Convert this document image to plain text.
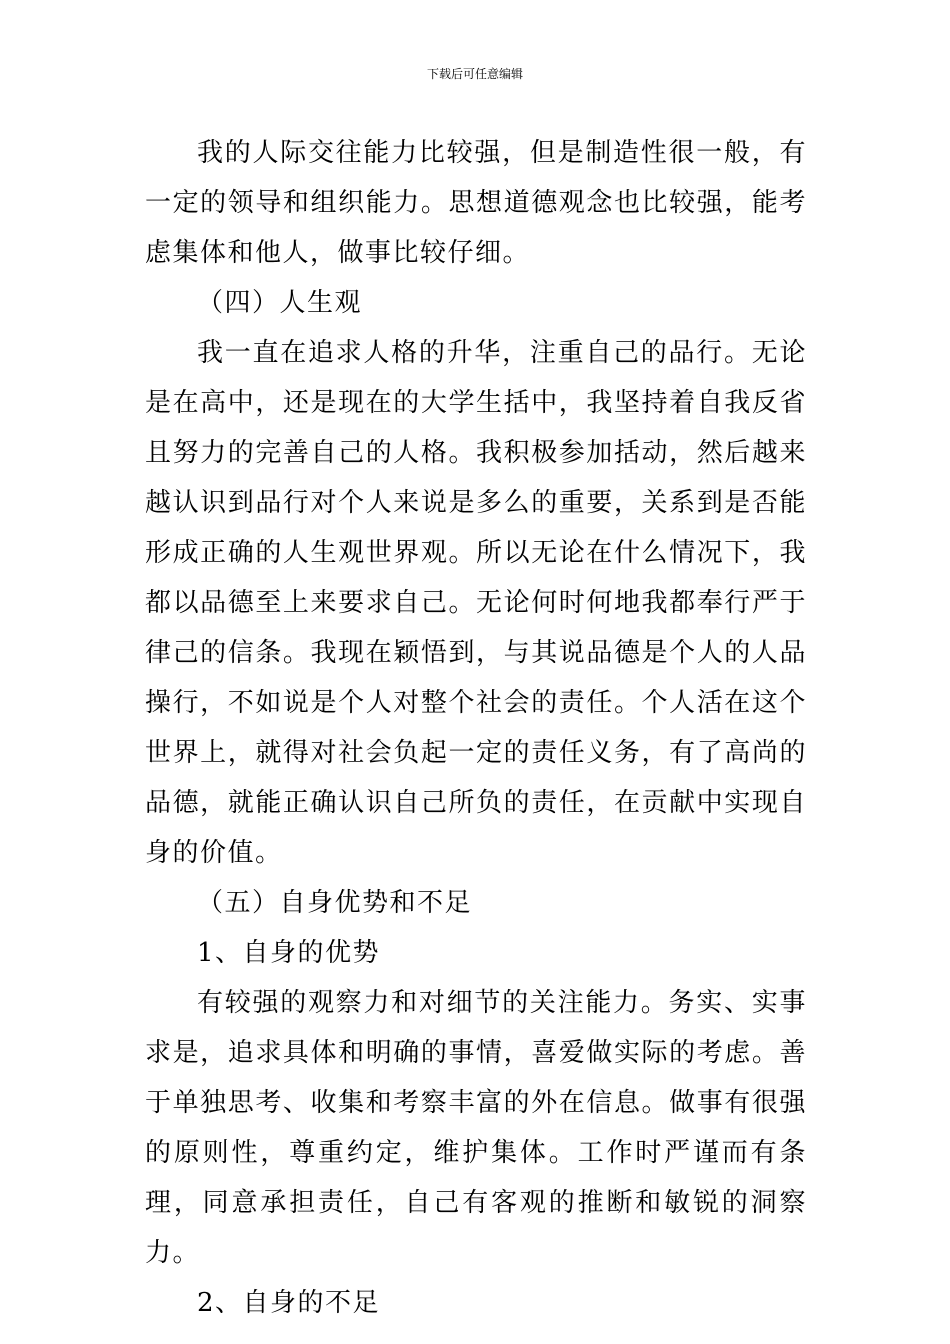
下载后可任意编辑

我的人际交往能力比较强，但是制造性很一般，有一定的领导和组织能力。思想道德观念也比较强，能考虑集体和他人，做事比较仔细。

（四）人生观

我一直在追求人格的升华，注重自己的品行。无论是在高中，还是现在的大学生括中，我坚持着自我反省且努力的完善自己的人格。我积极参加括动，然后越来越认识到品行对个人来说是多么的重要，关系到是否能形成正确的人生观世界观。所以无论在什么情况下，我都以品德至上来要求自己。无论何时何地我都奉行严于律己的信条。我现在颖悟到，与其说品德是个人的人品操行，不如说是个人对整个社会的责任。个人活在这个世界上，就得对社会负起一定的责任义务，有了高尚的品德，就能正确认识自己所负的责任，在贡献中实现自身的价值。

（五）自身优势和不足

1、自身的优势

有较强的观察力和对细节的关注能力。务实、实事求是，追求具体和明确的事情，喜爱做实际的考虑。善于单独思考、收集和考察丰富的外在信息。做事有很强的原则性，尊重约定，维护集体。工作时严谨而有条理，同意承担责任，自己有客观的推断和敏锐的洞察力。

2、自身的不足
